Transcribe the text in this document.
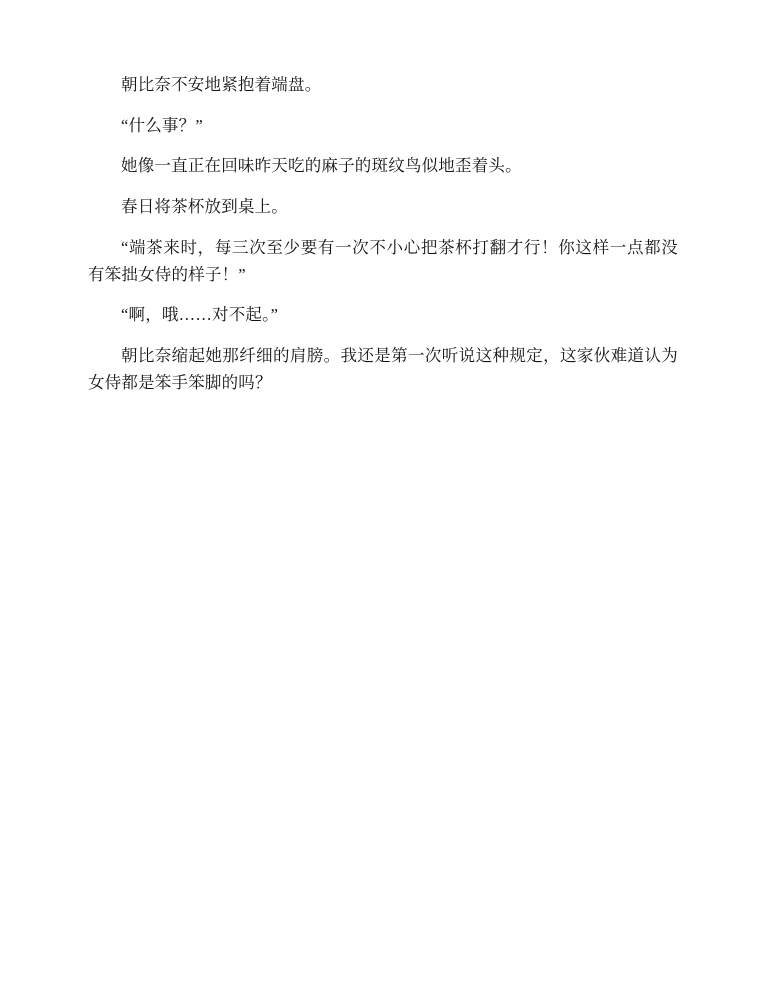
朝比奈不安地紧抱着端盘。

“什么事？”

她像一直正在回味昨天吃的麻子的斑纹鸟似地歪着头。

春日将茶杯放到桌上。

“端茶来时，每三次至少要有一次不小心把茶杯打翻才行！你这样一点都没有笨拙女侍的样子！”

“啊，哦……对不起。”

朝比奈缩起她那纤细的肩膀。我还是第一次听说这种规定，这家伙难道认为女侍都是笨手笨脚的吗？
